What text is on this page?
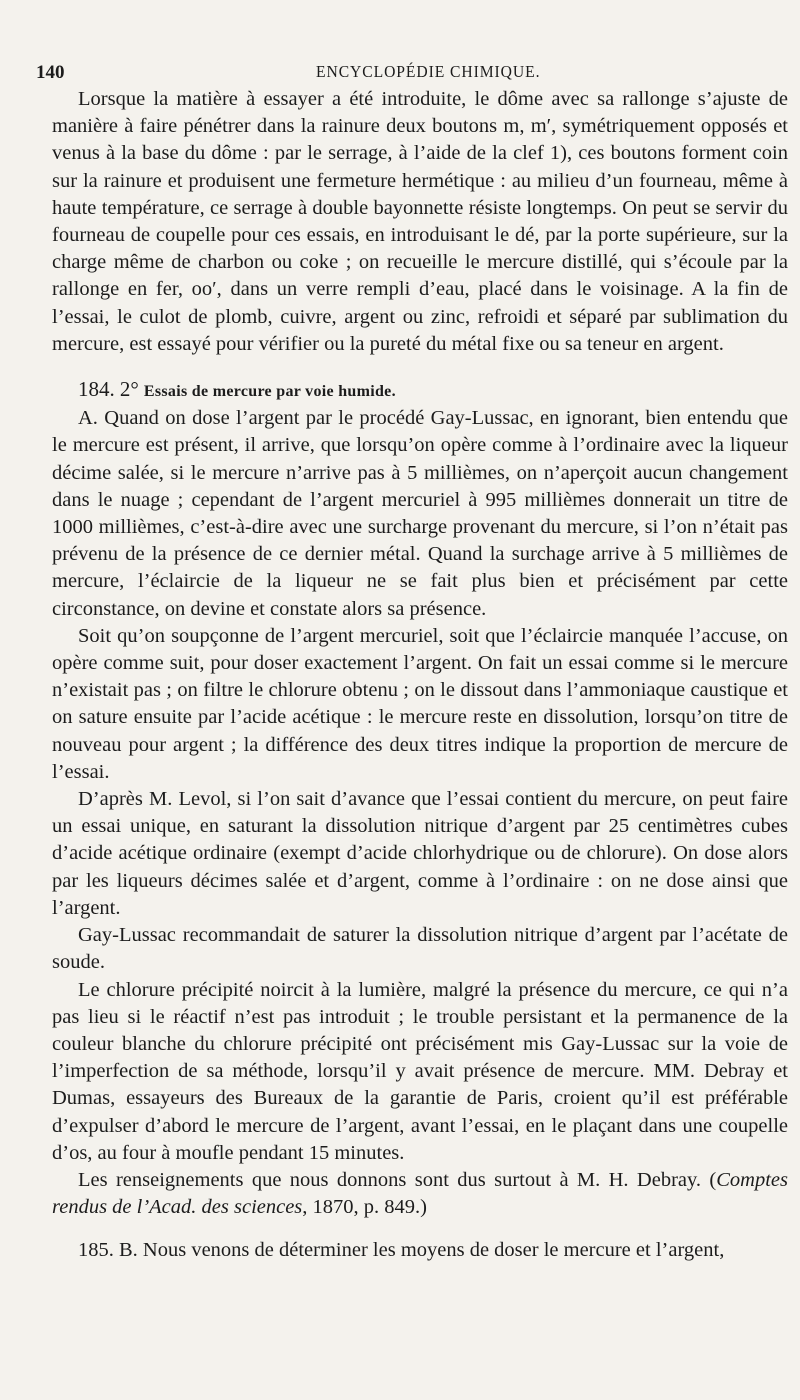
140	ENCYCLOPÉDIE CHIMIQUE.

Lorsque la matière à essayer a été introduite, le dôme avec sa rallonge s’ajuste de manière à faire pénétrer dans la rainure deux boutons m, m′, symétriquement opposés et venus à la base du dôme : par le serrage, à l’aide de la clef 1), ces boutons forment coin sur la rainure et produisent une fermeture hermétique : au milieu d’un fourneau, même à haute température, ce serrage à double bayonnette résiste longtemps. On peut se servir du fourneau de coupelle pour ces essais, en introduisant le dé, par la porte supérieure, sur la charge même de charbon ou coke ; on recueille le mercure distillé, qui s’écoule par la rallonge en fer, oo′, dans un verre rempli d’eau, placé dans le voisinage. A la fin de l’essai, le culot de plomb, cuivre, argent ou zinc, refroidi et séparé par sublimation du mercure, est essayé pour vérifier ou la pureté du métal fixe ou sa teneur en argent.

184. 2° Essais de mercure par voie humide.

A. Quand on dose l’argent par le procédé Gay-Lussac, en ignorant, bien entendu que le mercure est présent, il arrive, que lorsqu’on opère comme à l’ordinaire avec la liqueur décime salée, si le mercure n’arrive pas à 5 millièmes, on n’aperçoit aucun changement dans le nuage ; cependant de l’argent mercuriel à 995 millièmes donnerait un titre de 1000 millièmes, c’est-à-dire avec une surcharge provenant du mercure, si l’on n’était pas prévenu de la présence de ce dernier métal. Quand la surchage arrive à 5 millièmes de mercure, l’éclaircie de la liqueur ne se fait plus bien et précisément par cette circonstance, on devine et constate alors sa présence.

Soit qu’on soupçonne de l’argent mercuriel, soit que l’éclaircie manquée l’accuse, on opère comme suit, pour doser exactement l’argent. On fait un essai comme si le mercure n’existait pas ; on filtre le chlorure obtenu ; on le dissout dans l’ammoniaque caustique et on sature ensuite par l’acide acétique : le mercure reste en dissolution, lorsqu’on titre de nouveau pour argent ; la différence des deux titres indique la proportion de mercure de l’essai.

D’après M. Levol, si l’on sait d’avance que l’essai contient du mercure, on peut faire un essai unique, en saturant la dissolution nitrique d’argent par 25 centimètres cubes d’acide acétique ordinaire (exempt d’acide chlorhydrique ou de chlorure). On dose alors par les liqueurs décimes salée et d’argent, comme à l’ordinaire : on ne dose ainsi que l’argent.

Gay-Lussac recommandait de saturer la dissolution nitrique d’argent par l’acétate de soude.

Le chlorure précipité noircit à la lumière, malgré la présence du mercure, ce qui n’a pas lieu si le réactif n’est pas introduit ; le trouble persistant et la permanence de la couleur blanche du chlorure précipité ont précisément mis Gay-Lussac sur la voie de l’imperfection de sa méthode, lorsqu’il y avait présence de mercure. MM. Debray et Dumas, essayeurs des Bureaux de la garantie de Paris, croient qu’il est préférable d’expulser d’abord le mercure de l’argent, avant l’essai, en le plaçant dans une coupelle d’os, au four à moufle pendant 15 minutes.

Les renseignements que nous donnons sont dus surtout à M. H. Debray. (Comptes rendus de l’Acad. des sciences, 1870, p. 849.)

185. B. Nous venons de déterminer les moyens de doser le mercure et l’argent,
